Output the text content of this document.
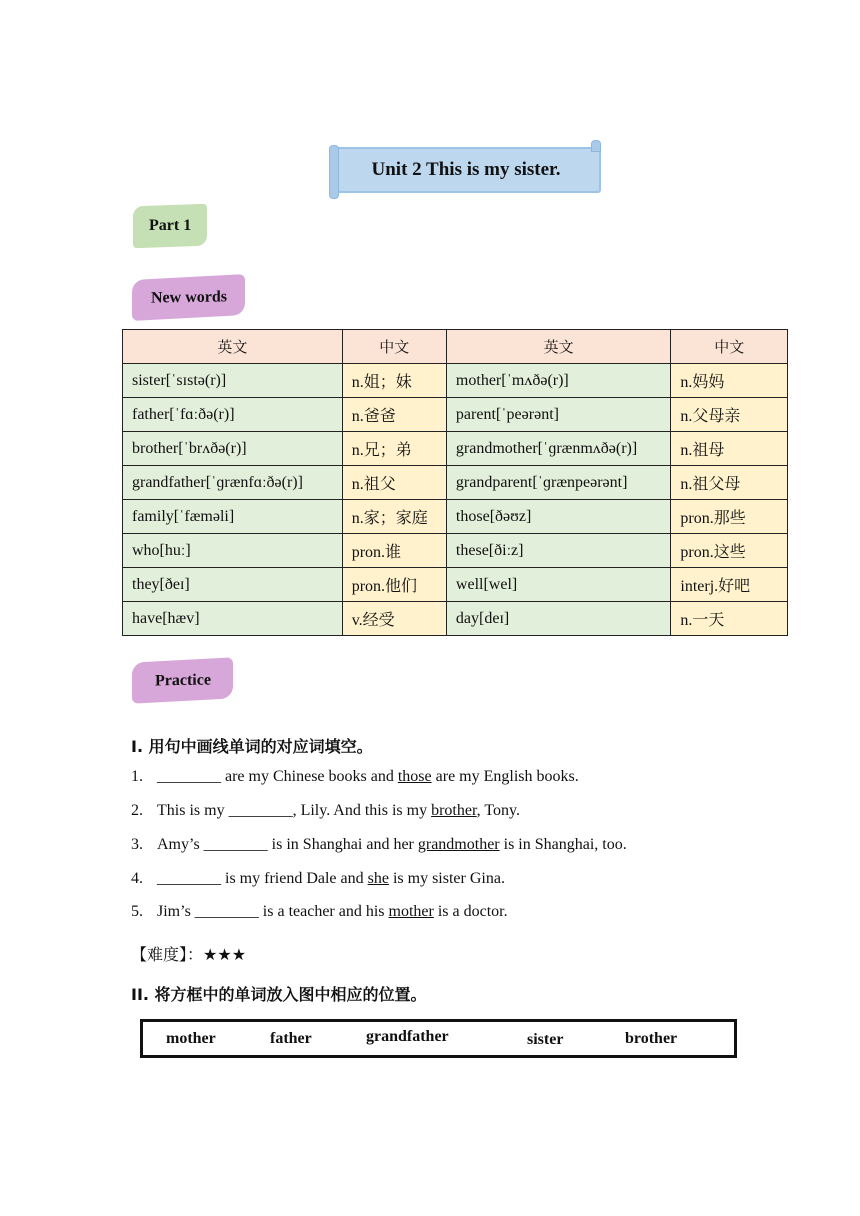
Unit 2 This is my sister.
Part 1
New words
英文	中文	英文	中文
sister[ˈsɪstə(r)]	n.姐；妹	mother[ˈmʌðə(r)]	n.妈妈
father[ˈfɑːðə(r)]	n.爸爸	parent[ˈpeərənt]	n.父母亲
brother[ˈbrʌðə(r)]	n.兄；弟	grandmother[ˈɡrænmʌðə(r)]	n.祖母
grandfather[ˈɡrænfɑːðə(r)]	n.祖父	grandparent[ˈɡrænpeərənt]	n.祖父母
family[ˈfæməli]	n.家；家庭	those[ðəʊz]	pron.那些
who[huː]	pron.谁	these[ðiːz]	pron.这些
they[ðeɪ]	pron.他们	well[wel]	interj.好吧
have[hæv]	v.经受	day[deɪ]	n.一天
Practice
I. 用句中画线单词的对应词填空。
1. ________ are my Chinese books and those are my English books.
2. This is my ________, Lily. And this is my brother, Tony.
3. Amy’s ________ is in Shanghai and her grandmother is in Shanghai, too.
4. ________ is my friend Dale and she is my sister Gina.
5. Jim’s ________ is a teacher and his mother is a doctor.
【难度】：★★★
II. 将方框中的单词放入图中相应的位置。
mother	father	grandfather	sister	brother
